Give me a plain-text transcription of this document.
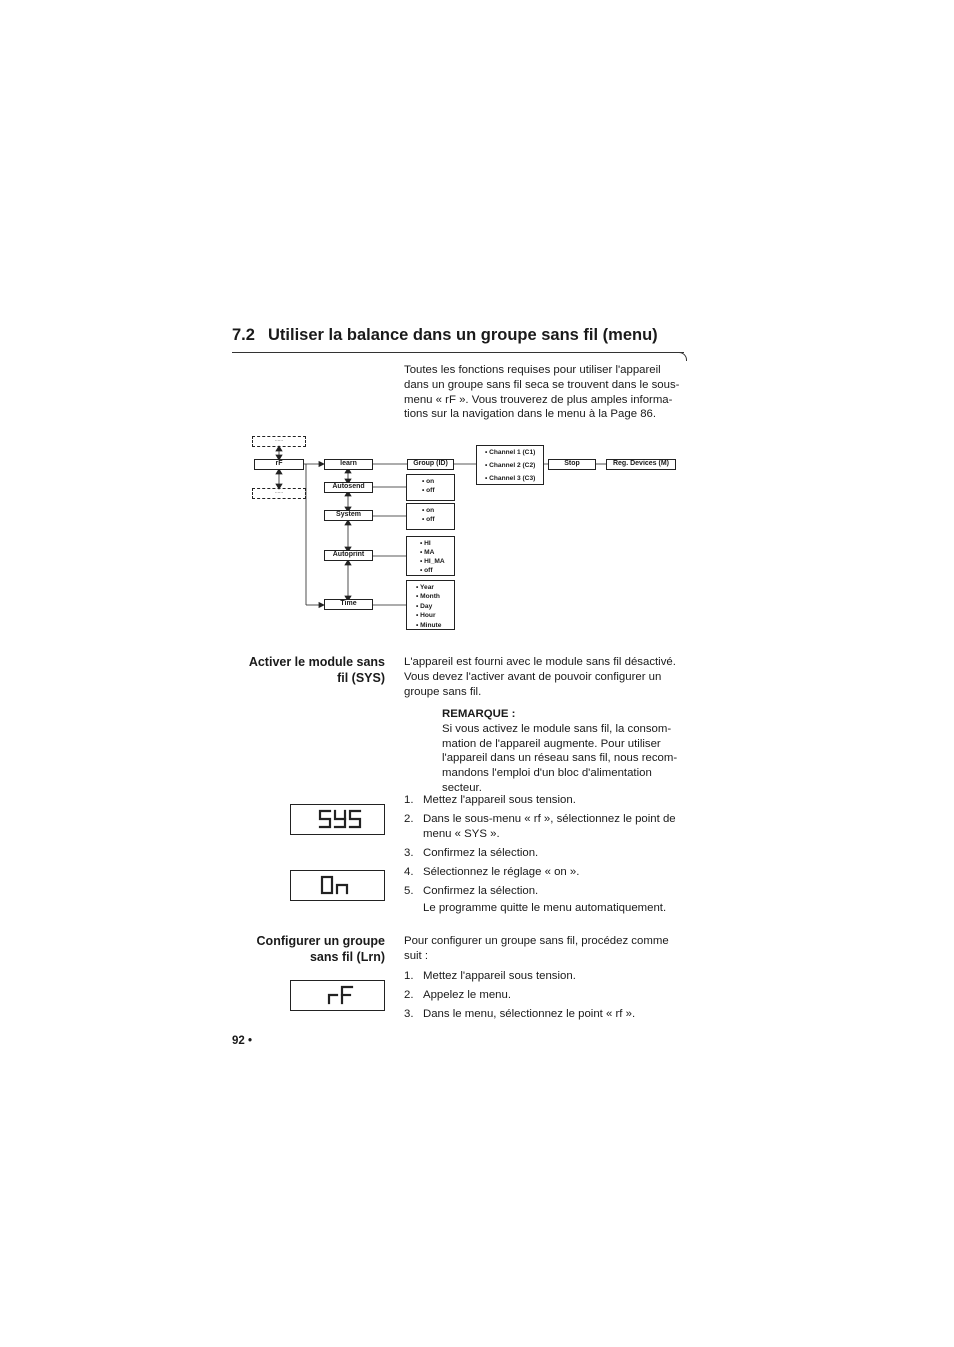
7.2 Utiliser la balance dans un groupe sans fil (menu)

Toutes les fonctions requises pour utiliser l'appareil

dans un groupe sans fil seca se trouvent dans le sous-

menu « rF ». Vous trouverez de plus amples informa-

tions sur la navigation dans le menu à la Page 86.

......
rF
......
learn
Autosend
System
Autoprint
Time
Group (ID)
• Channel 1 (C1)
• Channel 2 (C2)
• Channel 3 (C3)
Stop	Reg. Devices (M)
• on
• off
• on
• off
• HI
• MA
• HI_MA
• off
• Year
• Month
• Day
• Hour
• Minute

Activer le module sans

fil (SYS)

L'appareil est fourni avec le module sans fil désactivé.

Vous devez l'activer avant de pouvoir configurer un

groupe sans fil.

REMARQUE :

Si vous activez le module sans fil, la consom-

mation de l'appareil augmente. Pour utiliser

l'appareil dans un réseau sans fil, nous recom-

mandons l'emploi d'un bloc d'alimentation

secteur.

1. Mettez l'appareil sous tension.
2. Dans le sous-menu « rf », sélectionnez le point de
menu « SYS ».
3. Confirmez la sélection.
4. Sélectionnez le réglage « on ».
5. Confirmez la sélection.
Le programme quitte le menu automatiquement.

Configurer un groupe

sans fil (Lrn)

Pour configurer un groupe sans fil, procédez comme

suit :

1. Mettez l'appareil sous tension.
2. Appelez le menu.
3. Dans le menu, sélectionnez le point « rf ».
92 •
